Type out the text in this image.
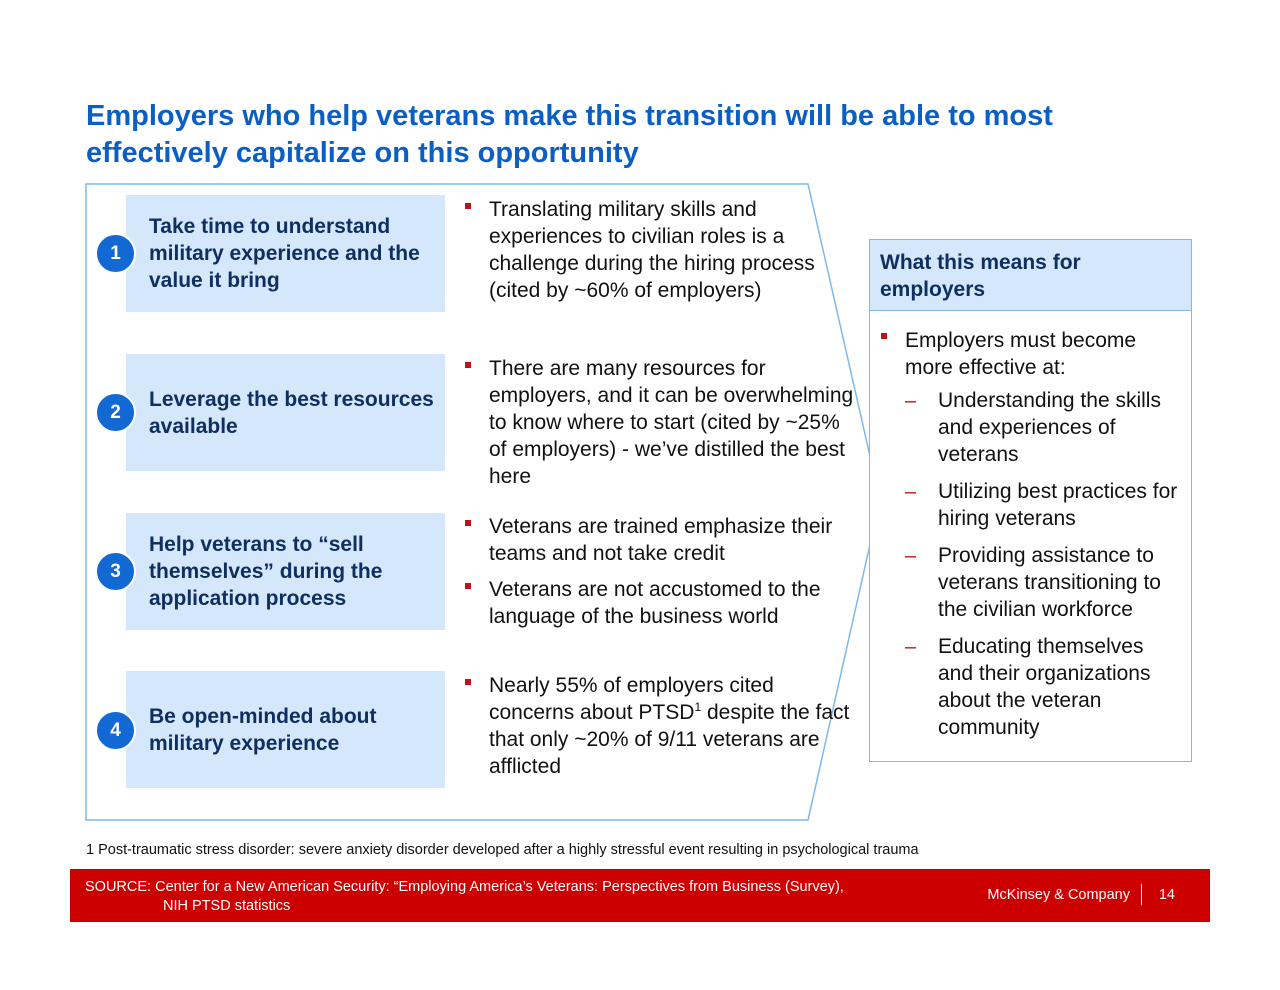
Employers who help veterans make this transition will be able to most effectively capitalize on this opportunity
Take time to understand military experience and the value it bring
1
Translating military skills and experiences to civilian roles is a challenge during the hiring process (cited by ~60% of employers)
Leverage the best resources available
2
There are many resources for employers, and it can be overwhelming to know where to start (cited by ~25% of employers) - we’ve distilled the best here
Help veterans to “sell themselves” during the application process
3
Veterans are trained emphasize their teams and not take credit
Veterans are not accustomed to the language of the business world
Be open-minded about military experience
4
Nearly 55% of employers cited concerns about PTSD$^1$ despite the fact that only ~20% of 9/11 veterans are afflicted
What this means for employers
Employers must become more effective at:
– Understanding the skills and experiences of veterans
– Utilizing best practices for hiring veterans
– Providing assistance to veterans transitioning to the civilian workforce
– Educating themselves and their organizations about the veteran community
1 Post-traumatic stress disorder: severe anxiety disorder developed after a highly stressful event resulting in psychological trauma
SOURCE: Center for a New American Security: “Employing America’s Veterans: Perspectives from Business (Survey),
NIH PTSD statistics
McKinsey & Company 14
